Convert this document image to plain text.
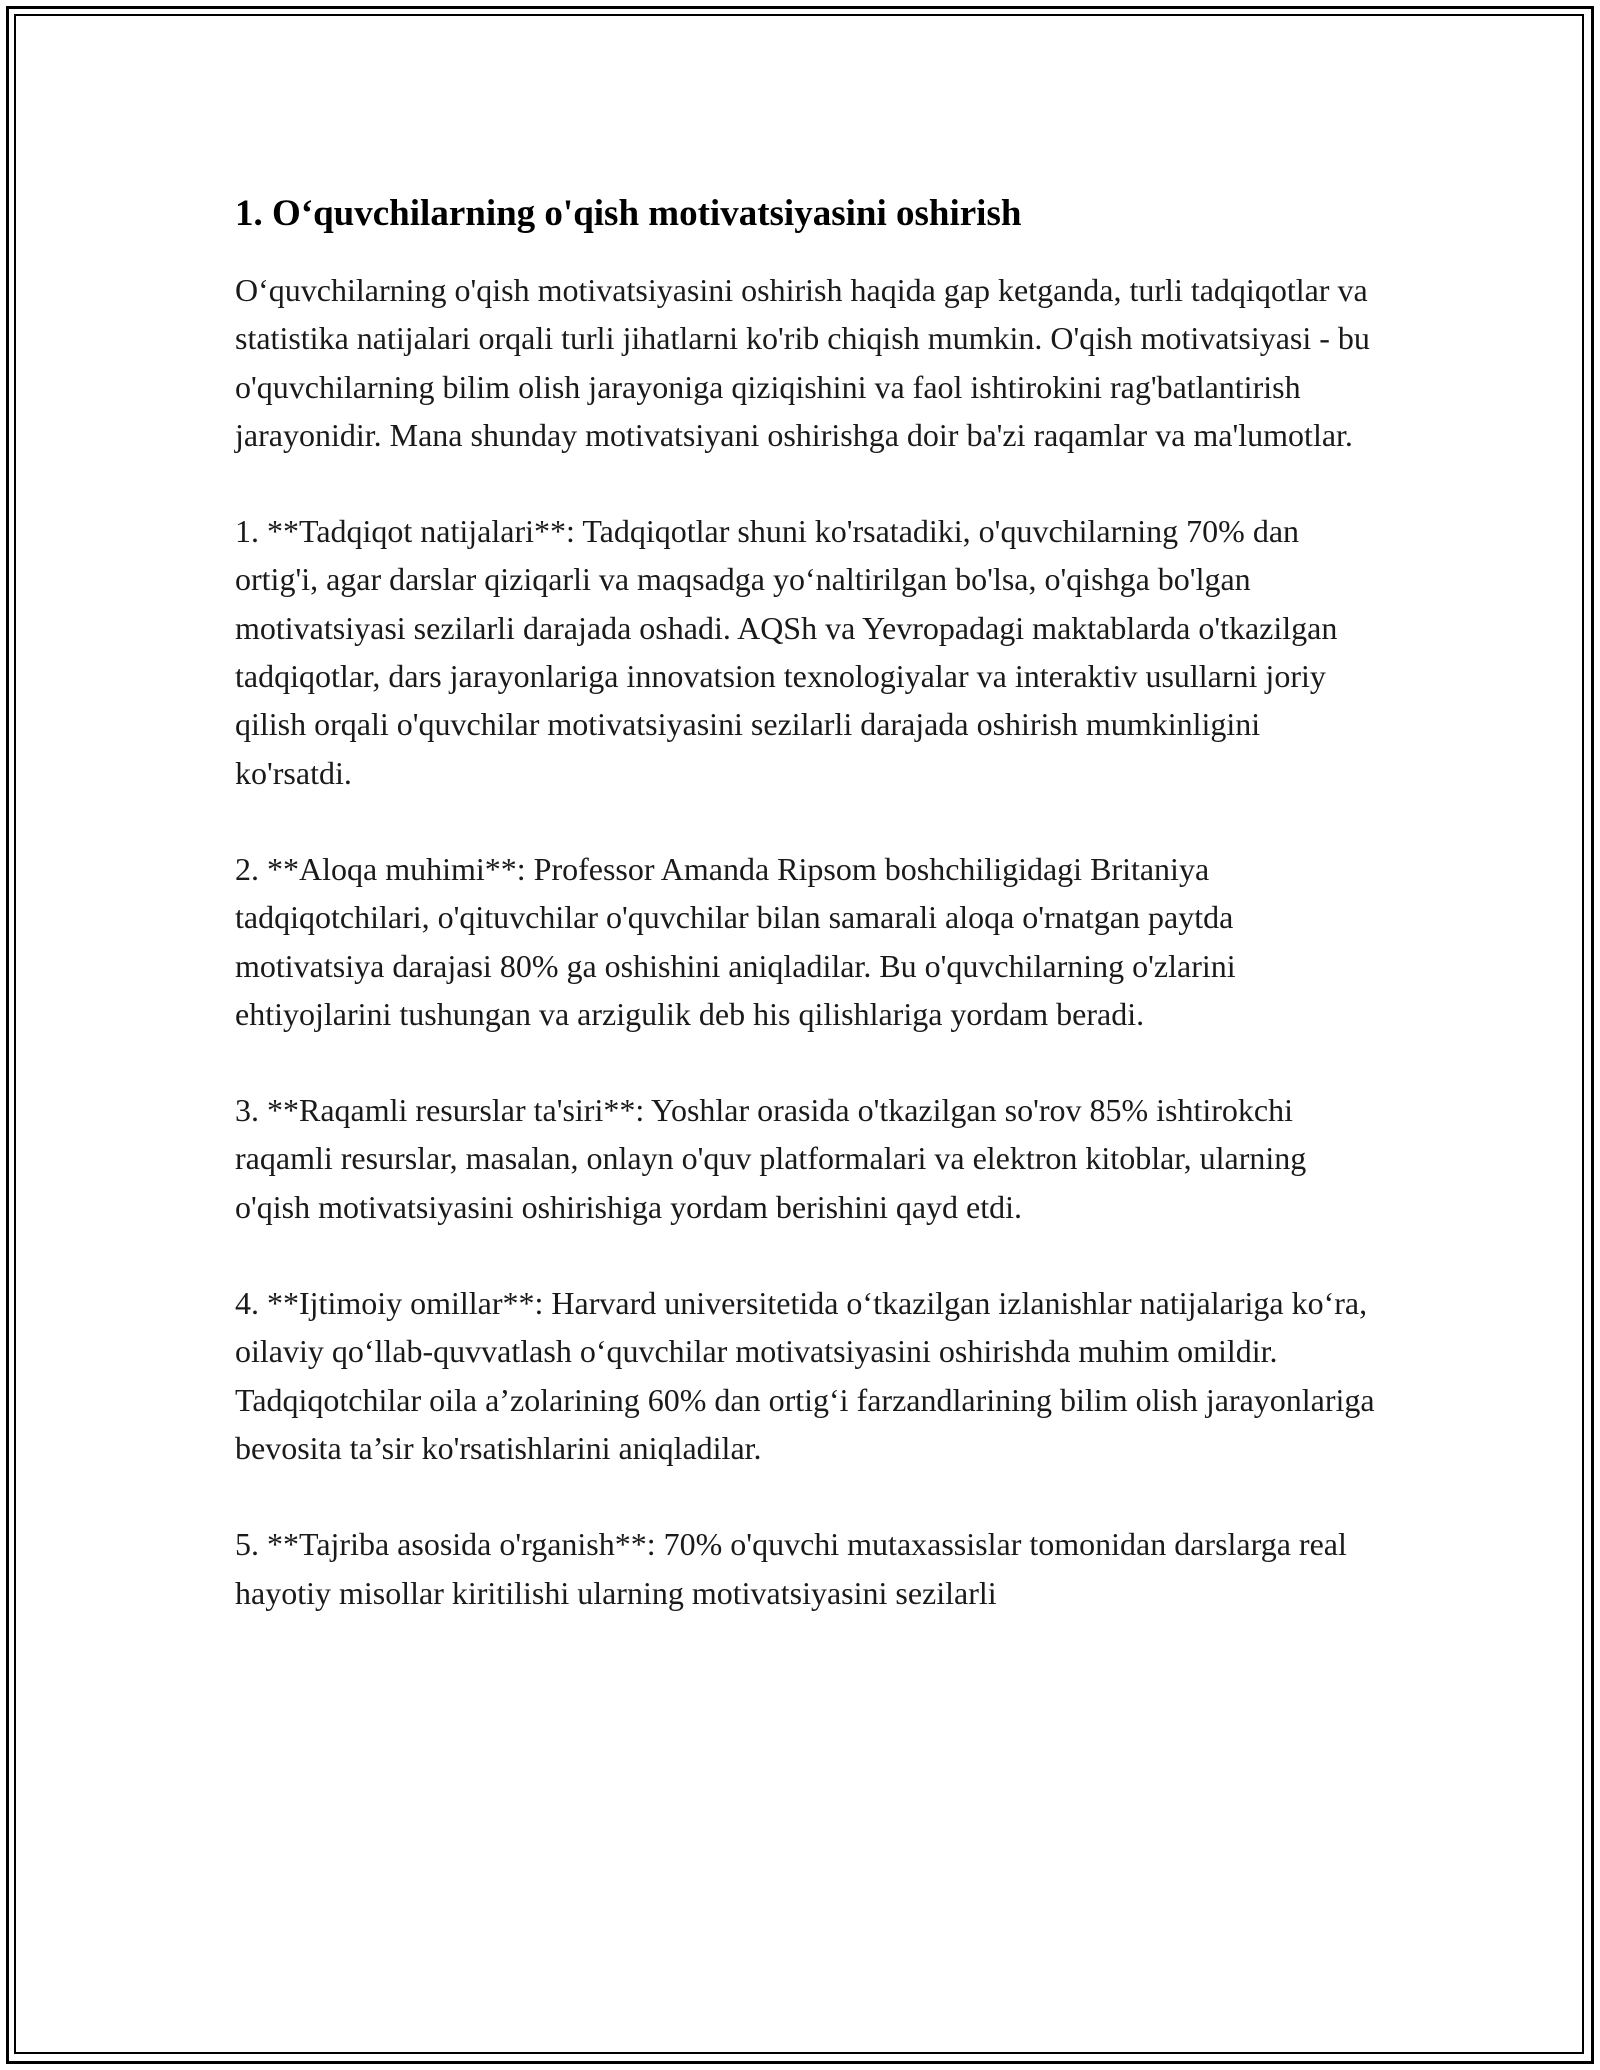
1. O‘quvchilarning o'qish motivatsiyasini oshirish

O‘quvchilarning o'qish motivatsiyasini oshirish haqida gap ketganda, turli tadqiqotlar va statistika natijalari orqali turli jihatlarni ko'rib chiqish mumkin. O'qish motivatsiyasi - bu o'quvchilarning bilim olish jarayoniga qiziqishini va faol ishtirokini rag'batlantirish jarayonidir. Mana shunday motivatsiyani oshirishga doir ba'zi raqamlar va ma'lumotlar.

1. **Tadqiqot natijalari**: Tadqiqotlar shuni ko'rsatadiki, o'quvchilarning 70% dan ortig'i, agar darslar qiziqarli va maqsadga yo‘naltirilgan bo'lsa, o'qishga bo'lgan motivatsiyasi sezilarli darajada oshadi. AQSh va Yevropadagi maktablarda o'tkazilgan tadqiqotlar, dars jarayonlariga innovatsion texnologiyalar va interaktiv usullarni joriy qilish orqali o'quvchilar motivatsiyasini sezilarli darajada oshirish mumkinligini ko'rsatdi.

2. **Aloqa muhimi**: Professor Amanda Ripsom boshchiligidagi Britaniya tadqiqotchilari, o'qituvchilar o'quvchilar bilan samarali aloqa o'rnatgan paytda motivatsiya darajasi 80% ga oshishini aniqladilar. Bu o'quvchilarning o'zlarini ehtiyojlarini tushungan va arzigulik deb his qilishlariga yordam beradi.

3. **Raqamli resurslar ta'siri**: Yoshlar orasida o'tkazilgan so'rov 85% ishtirokchi raqamli resurslar, masalan, onlayn o'quv platformalari va elektron kitoblar, ularning o'qish motivatsiyasini oshirishiga yordam berishini qayd etdi.

4. **Ijtimoiy omillar**: Harvard universitetida o‘tkazilgan izlanishlar natijalariga ko‘ra, oilaviy qo‘llab-quvvatlash o‘quvchilar motivatsiyasini oshirishda muhim omildir. Tadqiqotchilar oila a’zolarining 60% dan ortig‘i farzandlarining bilim olish jarayonlariga bevosita ta’sir ko'rsatishlarini aniqladilar.

5. **Tajriba asosida o'rganish**: 70% o'quvchi mutaxassislar tomonidan darslarga real hayotiy misollar kiritilishi ularning motivatsiyasini sezilarli
